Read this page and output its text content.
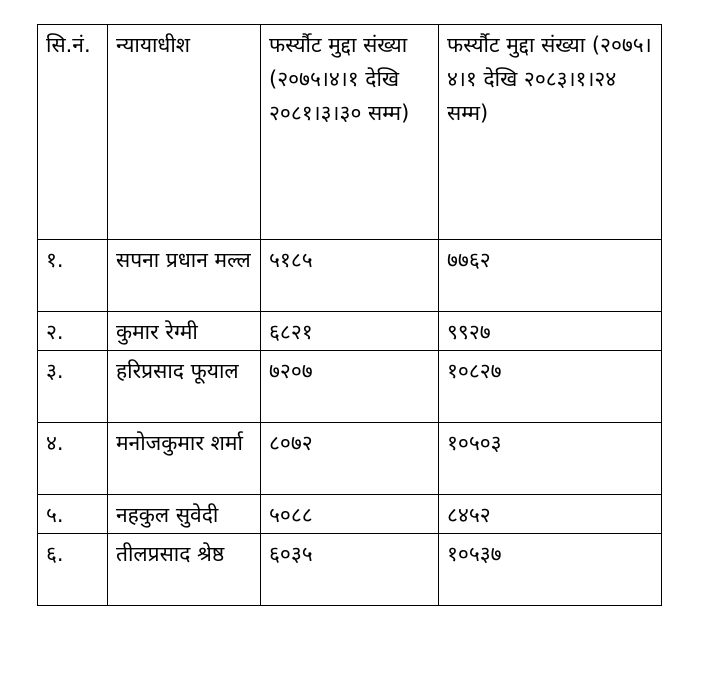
सि.नं.	न्यायाधीश	फर्स्यौट मुद्दा संख्या (२०७५।४।१ देखि २०८१।३।३० सम्म)	फर्स्यौट मुद्दा संख्या (२०७५।४।१ देखि २०८३।१।२४ सम्म)
१.	सपना प्रधान मल्ल	५१८५	७७६२
२.	कुमार रेग्मी	६८२१	९९२७
३.	हरिप्रसाद फूयाल	७२०७	१०८२७
४.	मनोजकुमार शर्मा	८०७२	१०५०३
५.	नहकुल सुवेदी	५०८८	८४५२
६.	तीलप्रसाद श्रेष्ठ	६०३५	१०५३७
